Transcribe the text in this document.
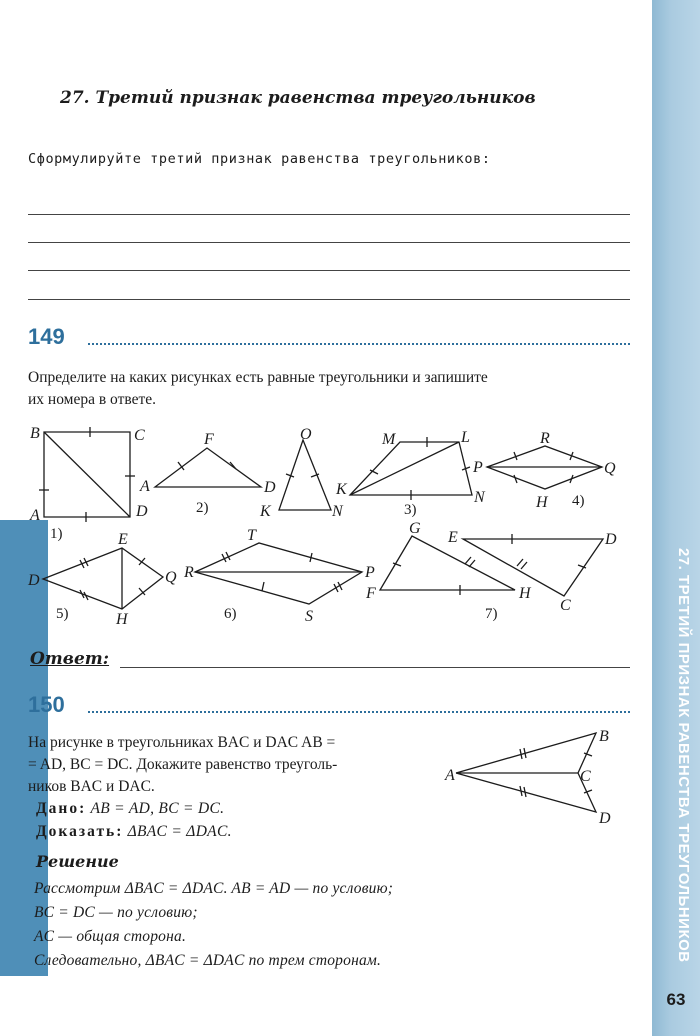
27. ТРЕТИЙ ПРИЗНАК РАВЕНСТВА ТРЕУГОЛЬНИКОВ
63
27. Третий признак равенства треугольников
Сформулируйте третий признак равенства треугольников:
149
Определите на каких рисунках есть равные треугольники и запишите
их номера в ответе.
B	C
A	D
1)
F
A	D
2)
O
K	N
M	L
K	N
3)
R
P	Q
H 4)
E
D	Q
H
5)
T
R	P
S
6)
G
E	D
F	H
C
7)
A
B
C
D
Ответ:
150
На рисунке в треугольниках BAC и DAC AB =
= AD, BC = DC. Докажите равенство треуголь-
ников BAC и DAC.
Дано: AB = AD, BC = DC.
Доказать: ΔBAC = ΔDAC.
Решение
Рассмотрим ΔBAC = ΔDAC. AB = AD — по условию;
BC = DC — по условию;
AC — общая сторона.
Следовательно, ΔBAC = ΔDAC по трем сторонам.
